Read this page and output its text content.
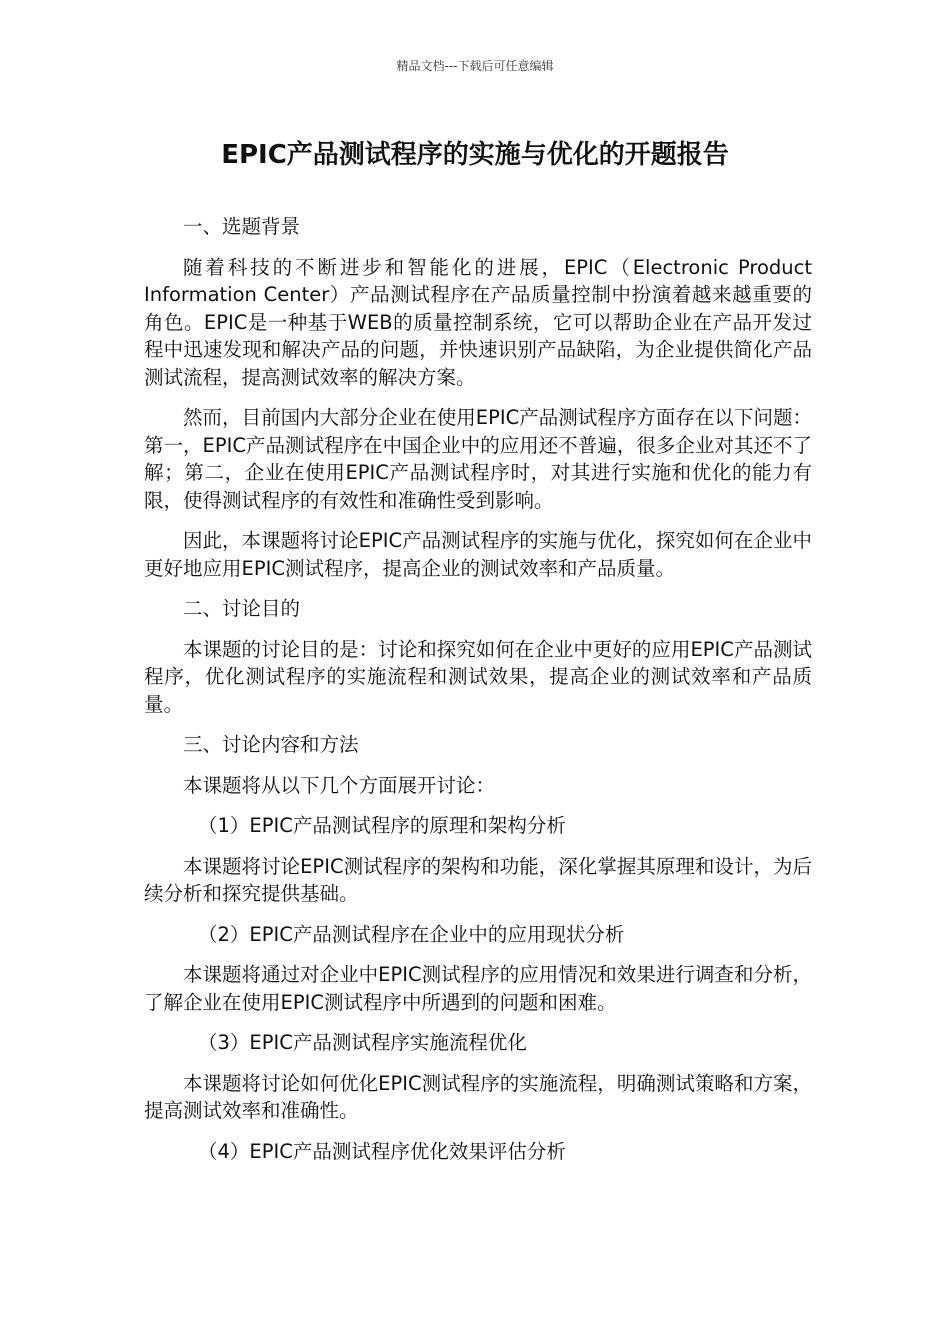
精品文档---下载后可任意编辑
EPIC产品测试程序的实施与优化的开题报告

一、选题背景

随着科技的不断进步和智能化的进展，EPIC（Electronic Product Information Center）产品测试程序在产品质量控制中扮演着越来越重要的角色。EPIC是一种基于WEB的质量控制系统，它可以帮助企业在产品开发过程中迅速发现和解决产品的问题，并快速识别产品缺陷，为企业提供简化产品测试流程，提高测试效率的解决方案。

然而，目前国内大部分企业在使用EPIC产品测试程序方面存在以下问题：第一，EPIC产品测试程序在中国企业中的应用还不普遍，很多企业对其还不了解；第二，企业在使用EPIC产品测试程序时，对其进行实施和优化的能力有限，使得测试程序的有效性和准确性受到影响。

因此，本课题将讨论EPIC产品测试程序的实施与优化，探究如何在企业中更好地应用EPIC测试程序，提高企业的测试效率和产品质量。

二、讨论目的

本课题的讨论目的是：讨论和探究如何在企业中更好的应用EPIC产品测试程序，优化测试程序的实施流程和测试效果，提高企业的测试效率和产品质量。

三、讨论内容和方法

本课题将从以下几个方面展开讨论：

（1）EPIC产品测试程序的原理和架构分析

本课题将讨论EPIC测试程序的架构和功能，深化掌握其原理和设计，为后续分析和探究提供基础。

（2）EPIC产品测试程序在企业中的应用现状分析

本课题将通过对企业中EPIC测试程序的应用情况和效果进行调查和分析，了解企业在使用EPIC测试程序中所遇到的问题和困难。

（3）EPIC产品测试程序实施流程优化

本课题将讨论如何优化EPIC测试程序的实施流程，明确测试策略和方案，提高测试效率和准确性。

（4）EPIC产品测试程序优化效果评估分析
